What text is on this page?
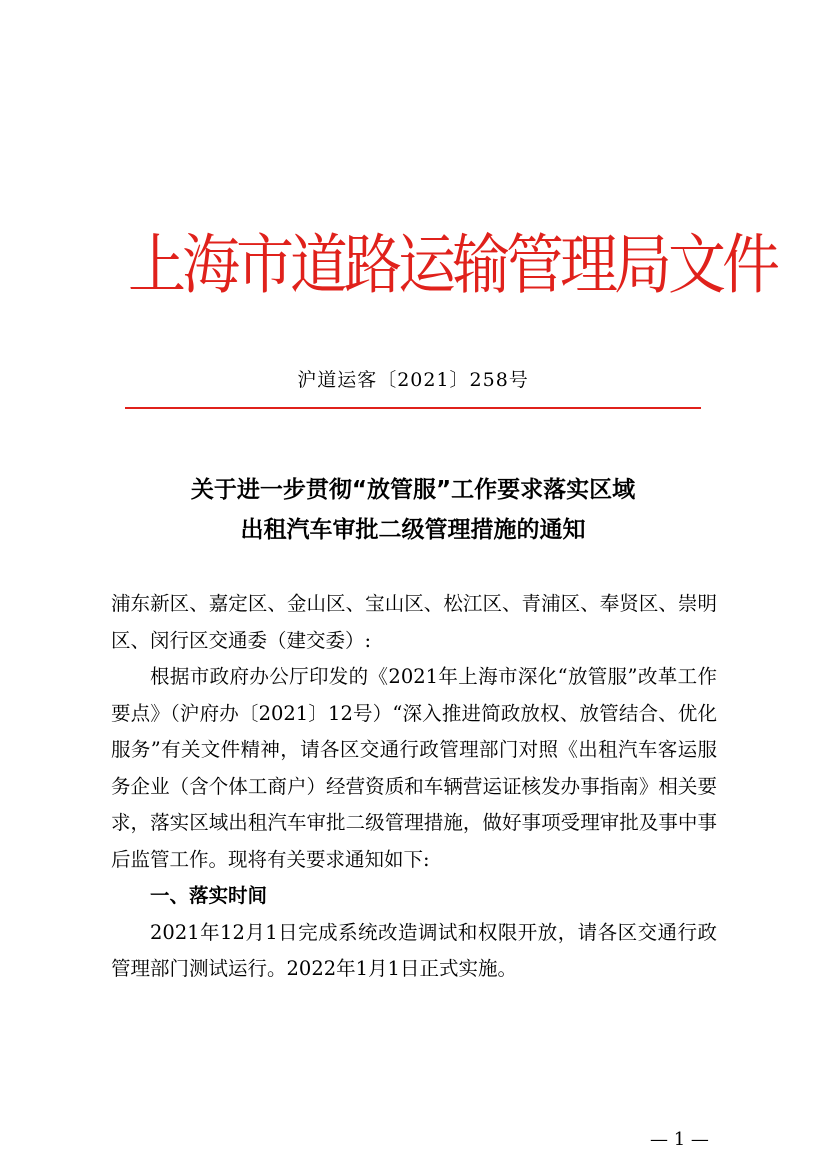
上海市道路运输管理局文件
沪道运客〔2021〕258号
关于进一步贯彻“放管服”工作要求落实区域
出租汽车审批二级管理措施的通知

浦东新区、嘉定区、金山区、宝山区、松江区、青浦区、奉贤区、崇明区、闵行区交通委（建交委）:

根据市政府办公厅印发的《2021年上海市深化“放管服”改革工作要点》（沪府办〔2021〕12号）“深入推进简政放权、放管结合、优化服务”有关文件精神，请各区交通行政管理部门对照《出租汽车客运服务企业（含个体工商户）经营资质和车辆营运证核发办事指南》相关要求，落实区域出租汽车审批二级管理措施，做好事项受理审批及事中事后监管工作。现将有关要求通知如下:

一、落实时间

2021年12月1日完成系统改造调试和权限开放，请各区交通行政管理部门测试运行。2022年1月1日正式实施。

— 1 —
